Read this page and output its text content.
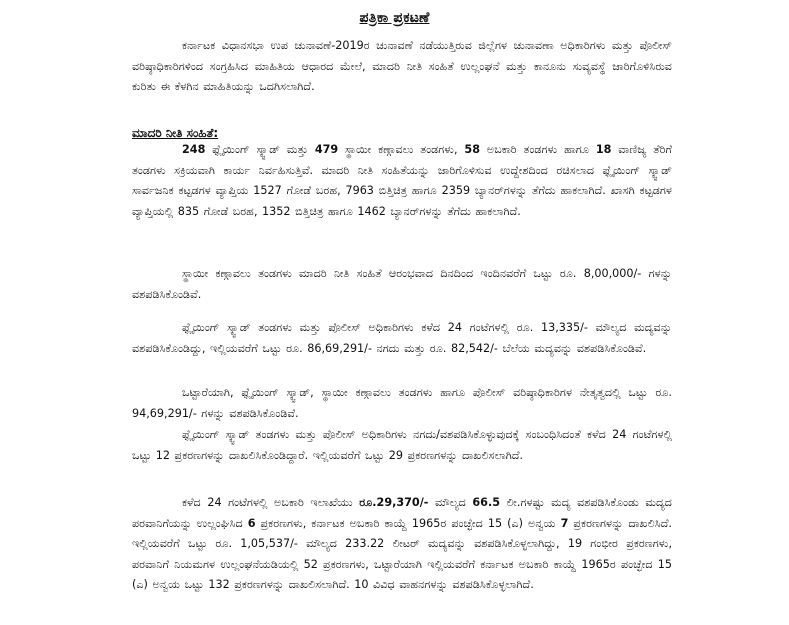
ಪತ್ರಿಕಾ ಪ್ರಕಟಣೆ
ಕರ್ನಾಟಕ ವಿಧಾನಸಭಾ ಉಪ ಚುನಾವಣೆ-2019ರ ಚುನಾವಣೆ ನಡೆಯುತ್ತಿರುವ ಜಿಲ್ಲೆಗಳ ಚುನಾವಣಾ ಅಧಿಕಾರಿಗಳು ಮತ್ತು ಪೊಲೀಸ್ ವರಿಷ್ಠಾಧಿಕಾರಿಗಳಿಂದ ಸಂಗ್ರಹಿಸಿದ ಮಾಹಿತಿಯ ಆಧಾರದ ಮೇಲೆ, ಮಾದರಿ ನೀತಿ ಸಂಹಿತೆ ಉಲ್ಲಂಘನೆ ಮತ್ತು ಕಾನೂನು ಸುವ್ಯವಸ್ಥೆ ಜಾರಿಗೊಳಿಸಿರುವ ಕುರಿತು ಈ ಕೆಳಗಿನ ಮಾಹಿತಿಯನ್ನು ಒದಗಿಸಲಾಗಿದೆ.
ಮಾದರಿ ನೀತಿ ಸಂಹಿತೆ:
248 ಫ್ಲೈಯಿಂಗ್ ಸ್ಕ್ವಾಡ್ ಮತ್ತು 479 ಸ್ಥಾಯೀ ಕಣ್ಗಾವಲು ತಂಡಗಳು, 58 ಅಬಕಾರಿ ತಂಡಗಳು ಹಾಗೂ 18 ವಾಣಿಜ್ಯ ತೆರಿಗೆ ತಂಡಗಳು ಸಕ್ರಿಯವಾಗಿ ಕಾರ್ಯ ನಿರ್ವಹಿಸುತ್ತಿವೆ. ಮಾದರಿ ನೀತಿ ಸಂಹಿತೆಯನ್ನು ಜಾರಿಗೊಳಿಸುವ ಉದ್ದೇಶದಿಂದ ರಚಿಸಲಾದ ಫ್ಲೈಯಿಂಗ್ ಸ್ಕ್ವಾಡ್ ಸಾರ್ವಜನಿಕ ಕಟ್ಟಡಗಳ ವ್ಯಾಪ್ತಿಯ 1527 ಗೋಡೆ ಬರಹ, 7963 ಬಿತ್ತಿಚಿತ್ರ ಹಾಗೂ 2359 ಬ್ಯಾನರ್‌ಗಳನ್ನು ತೆಗೆದು ಹಾಕಲಾಗಿದೆ. ಖಾಸಗಿ ಕಟ್ಟಡಗಳ ವ್ಯಾಪ್ತಿಯಲ್ಲಿ 835 ಗೋಡೆ ಬರಹ, 1352 ಬಿತ್ತಿಚಿತ್ರ ಹಾಗೂ 1462 ಬ್ಯಾನರ್‌ಗಳನ್ನು ತೆಗೆದು ಹಾಕಲಾಗಿದೆ.
ಸ್ಥಾಯೀ ಕಣ್ಗಾವಲು ತಂಡಗಳು ಮಾದರಿ ನೀತಿ ಸಂಹಿತೆ ಆರಂಭವಾದ ದಿನದಿಂದ ಇಂದಿನವರೆಗೆ ಒಟ್ಟು ರೂ. 8,00,000/- ಗಳನ್ನು ವಶಪಡಿಸಿಕೊಂಡಿವೆ.
ಫ್ಲೈಯಿಂಗ್ ಸ್ಕ್ವಾಡ್ ತಂಡಗಳು ಮತ್ತು ಪೊಲೀಸ್ ಅಧಿಕಾರಿಗಳು ಕಳೆದ 24 ಗಂಟೆಗಳಲ್ಲಿ ರೂ. 13,335/- ಮೌಲ್ಯದ ಮದ್ಯವನ್ನು ವಶಪಡಿಸಿಕೊಂಡಿದ್ದು, ಇಲ್ಲಿಯವರೆಗೆ ಒಟ್ಟು ರೂ. 86,69,291/- ನಗದು ಮತ್ತು ರೂ. 82,542/- ಬೆಲೆಯ ಮದ್ಯವನ್ನು ವಶಪಡಿಸಿಕೊಂಡಿವೆ.
ಒಟ್ಟಾರೆಯಾಗಿ, ಫ್ಲೈಯಿಂಗ್ ಸ್ಕ್ವಾಡ್, ಸ್ಥಾಯೀ ಕಣ್ಗಾವಲು ತಂಡಗಳು ಹಾಗೂ ಪೊಲೀಸ್ ವರಿಷ್ಠಾಧಿಕಾರಿಗಳ ನೇತೃತ್ವದಲ್ಲಿ ಒಟ್ಟು ರೂ. 94,69,291/- ಗಳನ್ನು ವಶಪಡಿಸಿಕೊಂಡಿವೆ.
ಫ್ಲೈಯಿಂಗ್ ಸ್ಕ್ವಾಡ್ ತಂಡಗಳು ಮತ್ತು ಪೊಲೀಸ್ ಅಧಿಕಾರಿಗಳು ನಗದು/ವಶಪಡಿಸಿಕೊಳ್ಳುವುದಕ್ಕೆ ಸಂಬಂಧಿಸಿದಂತೆ ಕಳೆದ 24 ಗಂಟೆಗಳಲ್ಲಿ ಒಟ್ಟು 12 ಪ್ರಕರಣಗಳನ್ನು ದಾಖಲಿಸಿಕೊಂಡಿದ್ದಾರೆ. ಇಲ್ಲಿಯವರೆಗೆ ಒಟ್ಟು 29 ಪ್ರಕರಣಗಳನ್ನು ದಾಖಲಿಸಲಾಗಿದೆ.
ಕಳೆದ 24 ಗಂಟೆಗಳಲ್ಲಿ ಅಬಕಾರಿ ಇಲಾಖೆಯು ರೂ.29,370/- ಮೌಲ್ಯದ 66.5 ಲೀ.ಗಳಷ್ಟು ಮದ್ಯ ವಶಪಡಿಸಿಕೊಂಡು ಮದ್ಯದ ಪರವಾನಿಗೆಯನ್ನು ಉಲ್ಲಂಘಿಸಿದ 6 ಪ್ರಕರಣಗಳು, ಕರ್ನಾಟಕ ಅಬಕಾರಿ ಕಾಯ್ದೆ 1965ರ ಪಂಚ್ಛೇದ 15 (ಎ) ಅನ್ವಯ 7 ಪ್ರಕರಣಗಳನ್ನು ದಾಖಲಿಸಿದೆ. ಇಲ್ಲಿಯವರೆಗೆ ಒಟ್ಟು ರೂ. 1,05,537/- ಮೌಲ್ಯದ 233.22 ಲೀಟರ್ ಮದ್ಯವನ್ನು ವಶಪಡಿಸಿಕೊಳ್ಳಲಾಗಿದ್ದು, 19 ಗಂಭೀರ ಪ್ರಕರಣಗಳು, ಪರವಾನಿಗೆ ನಿಯಮಗಳ ಉಲ್ಲಂಘನೆಯಡಿಯಲ್ಲಿ 52 ಪ್ರಕರಣಗಳು, ಒಟ್ಟಾರೆಯಾಗಿ ಇಲ್ಲಿಯವರೆಗೆ ಕರ್ನಾಟಕ ಅಬಕಾರಿ ಕಾಯ್ದೆ 1965ರ ಪಂಚ್ಛೇದ 15 (ಎ) ಅನ್ವಯ ಒಟ್ಟು 132 ಪ್ರಕರಣಗಳನ್ನು ದಾಖಲಿಸಲಾಗಿದೆ. 10 ವಿವಿಧ ವಾಹನಗಳನ್ನು ವಶಪಡಿಸಿಕೊಳ್ಳಲಾಗಿದೆ.
